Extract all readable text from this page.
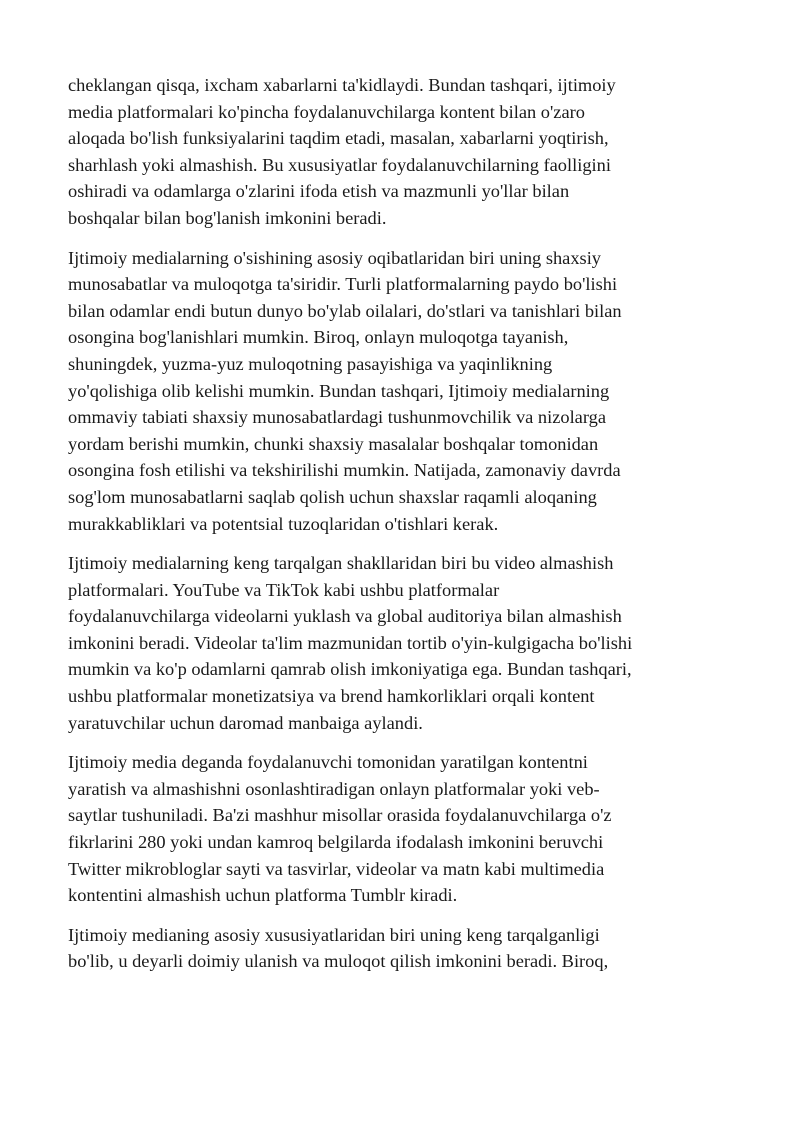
cheklangan qisqa, ixcham xabarlarni ta'kidlaydi. Bundan tashqari, ijtimoiy
media platformalari ko'pincha foydalanuvchilarga kontent bilan o'zaro
aloqada bo'lish funksiyalarini taqdim etadi, masalan, xabarlarni yoqtirish,
sharhlash yoki almashish. Bu xususiyatlar foydalanuvchilarning faolligini
oshiradi va odamlarga o'zlarini ifoda etish va mazmunli yo'llar bilan
boshqalar bilan bog'lanish imkonini beradi.

Ijtimoiy medialarning o'sishining asosiy oqibatlaridan biri uning shaxsiy
munosabatlar va muloqotga ta'siridir. Turli platformalarning paydo bo'lishi
bilan odamlar endi butun dunyo bo'ylab oilalari, do'stlari va tanishlari bilan
osongina bog'lanishlari mumkin. Biroq, onlayn muloqotga tayanish,
shuningdek, yuzma-yuz muloqotning pasayishiga va yaqinlikning
yo'qolishiga olib kelishi mumkin. Bundan tashqari, Ijtimoiy medialarning
ommaviy tabiati shaxsiy munosabatlardagi tushunmovchilik va nizolarga
yordam berishi mumkin, chunki shaxsiy masalalar boshqalar tomonidan
osongina fosh etilishi va tekshirilishi mumkin. Natijada, zamonaviy davrda
sog'lom munosabatlarni saqlab qolish uchun shaxslar raqamli aloqaning
murakkabliklari va potentsial tuzoqlaridan o'tishlari kerak.

Ijtimoiy medialarning keng tarqalgan shakllaridan biri bu video almashish
platformalari. YouTube va TikTok kabi ushbu platformalar
foydalanuvchilarga videolarni yuklash va global auditoriya bilan almashish
imkonini beradi. Videolar ta'lim mazmunidan tortib o'yin-kulgigacha bo'lishi
mumkin va ko'p odamlarni qamrab olish imkoniyatiga ega. Bundan tashqari,
ushbu platformalar monetizatsiya va brend hamkorliklari orqali kontent
yaratuvchilar uchun daromad manbaiga aylandi.

Ijtimoiy media deganda foydalanuvchi tomonidan yaratilgan kontentni
yaratish va almashishni osonlashtiradigan onlayn platformalar yoki veb-
saytlar tushuniladi. Ba'zi mashhur misollar orasida foydalanuvchilarga o'z
fikrlarini 280 yoki undan kamroq belgilarda ifodalash imkonini beruvchi
Twitter mikrobloglar sayti va tasvirlar, videolar va matn kabi multimedia
kontentini almashish uchun platforma Tumblr kiradi.

Ijtimoiy medianing asosiy xususiyatlaridan biri uning keng tarqalganligi
bo'lib, u deyarli doimiy ulanish va muloqot qilish imkonini beradi. Biroq,
